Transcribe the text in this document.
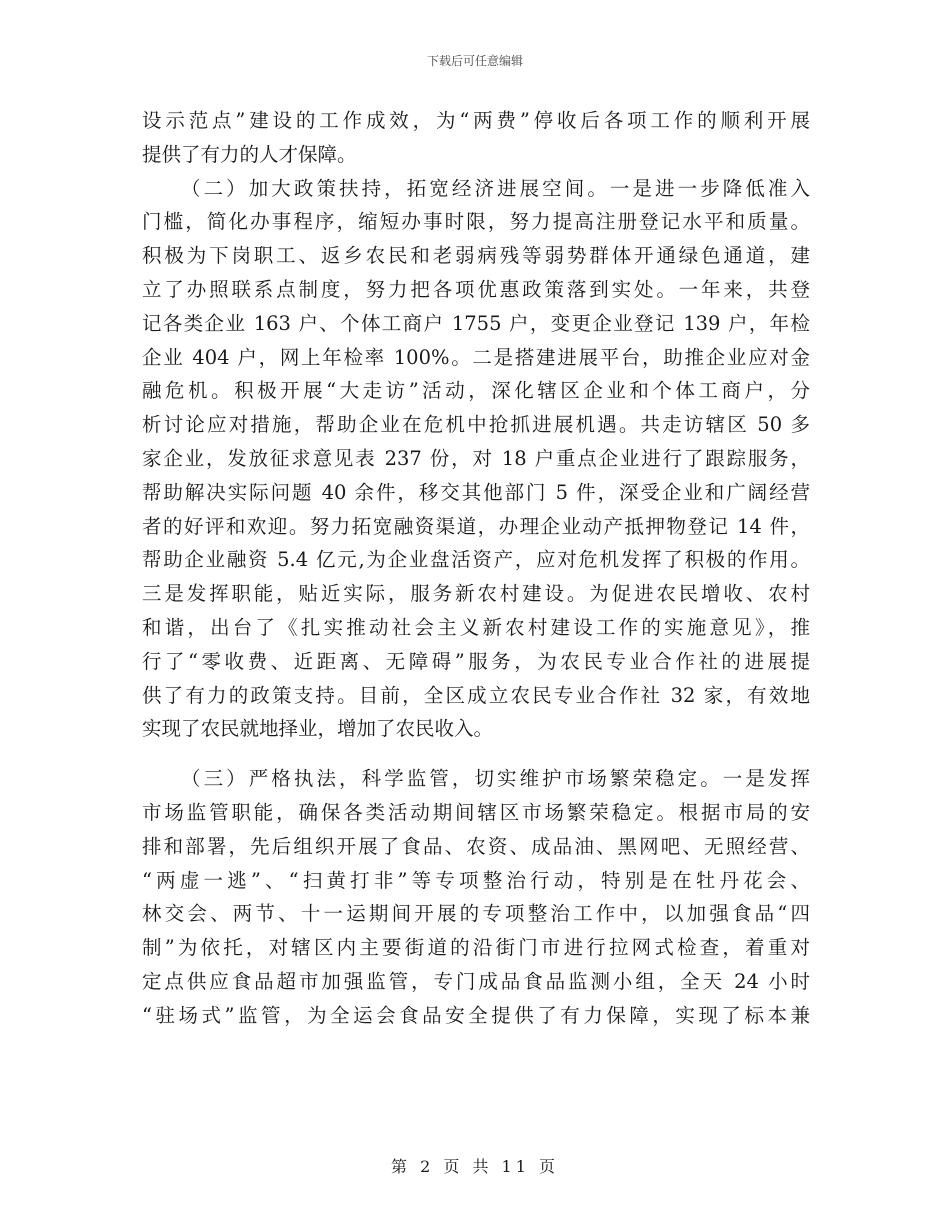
下载后可任意编辑
设示范点”建设的工作成效，为“两费”停收后各项工作的顺利开展
提供了有力的人才保障。
（二）加大政策扶持，拓宽经济进展空间。一是进一步降低准入
门槛，简化办事程序，缩短办事时限，努力提高注册登记水平和质量。
积极为下岗职工、返乡农民和老弱病残等弱势群体开通绿色通道，建
立了办照联系点制度，努力把各项优惠政策落到实处。一年来，共登
记各类企业 163 户、个体工商户 1755 户，变更企业登记 139 户，年检
企业 404 户，网上年检率 100%。二是搭建进展平台，助推企业应对金
融危机。积极开展“大走访”活动，深化辖区企业和个体工商户，分
析讨论应对措施，帮助企业在危机中抢抓进展机遇。共走访辖区 50 多
家企业，发放征求意见表 237 份，对 18 户重点企业进行了跟踪服务，
帮助解决实际问题 40 余件，移交其他部门 5 件，深受企业和广阔经营
者的好评和欢迎。努力拓宽融资渠道，办理企业动产抵押物登记 14 件，
帮助企业融资 5.4 亿元,为企业盘活资产，应对危机发挥了积极的作用。
三是发挥职能，贴近实际，服务新农村建设。为促进农民增收、农村
和谐，出台了《扎实推动社会主义新农村建设工作的实施意见》，推
行了“零收费、近距离、无障碍”服务，为农民专业合作社的进展提
供了有力的政策支持。目前，全区成立农民专业合作社 32 家，有效地
实现了农民就地择业，增加了农民收入。
（三）严格执法，科学监管，切实维护市场繁荣稳定。一是发挥
市场监管职能，确保各类活动期间辖区市场繁荣稳定。根据市局的安
排和部署，先后组织开展了食品、农资、成品油、黑网吧、无照经营、
“两虚一逃”、“扫黄打非”等专项整治行动，特别是在牡丹花会、
林交会、两节、十一运期间开展的专项整治工作中，以加强食品“四
制”为依托，对辖区内主要街道的沿街门市进行拉网式检查，着重对
定点供应食品超市加强监管，专门成品食品监测小组，全天 24 小时
“驻场式”监管，为全运会食品安全提供了有力保障，实现了标本兼
第 2 页 共 11 页
